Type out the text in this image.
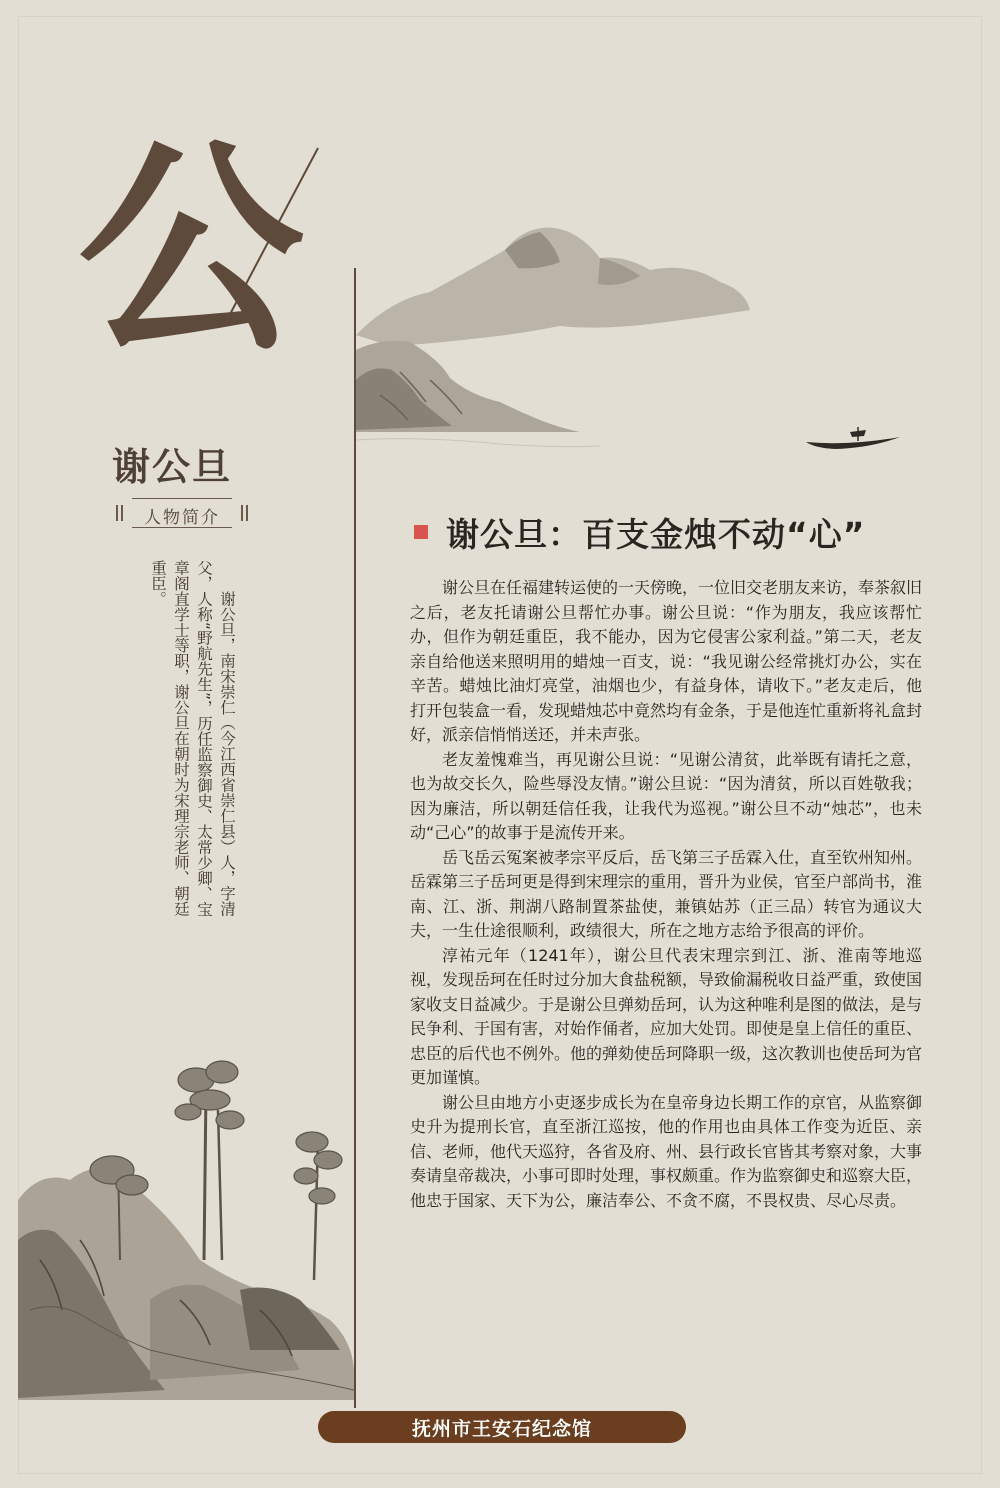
公
谢公旦
人物简介
谢公旦，南宋崇仁（今江西省崇仁县）人，字清父，人称“野航先生”，历任监察御史、太常少卿、宝章阁直学士等职，谢公旦在朝时为宋理宗老师、朝廷重臣。
谢公旦：百支金烛不动“心”

谢公旦在任福建转运使的一天傍晚，一位旧交老朋友来访，奉茶叙旧之后，老友托请谢公旦帮忙办事。谢公旦说：“作为朋友，我应该帮忙办，但作为朝廷重臣，我不能办，因为它侵害公家利益。”第二天，老友亲自给他送来照明用的蜡烛一百支，说：“我见谢公经常挑灯办公，实在辛苦。蜡烛比油灯亮堂，油烟也少，有益身体，请收下。”老友走后，他打开包装盒一看，发现蜡烛芯中竟然均有金条，于是他连忙重新将礼盒封好，派亲信悄悄送还，并未声张。

老友羞愧难当，再见谢公旦说：“见谢公清贫，此举既有请托之意，也为故交长久，险些辱没友情。”谢公旦说：“因为清贫，所以百姓敬我；因为廉洁，所以朝廷信任我，让我代为巡视。”谢公旦不动“烛芯”，也未动“己心”的故事于是流传开来。

岳飞岳云冤案被孝宗平反后，岳飞第三子岳霖入仕，直至钦州知州。岳霖第三子岳珂更是得到宋理宗的重用，晋升为业侯，官至户部尚书，淮南、江、浙、荆湖八路制置茶盐使，兼镇姑苏（正三品）转官为通议大夫，一生仕途很顺利，政绩很大，所在之地方志给予很高的评价。

淳祐元年（1241年），谢公旦代表宋理宗到江、浙、淮南等地巡视，发现岳珂在任时过分加大食盐税额，导致偷漏税收日益严重，致使国家收支日益减少。于是谢公旦弹劾岳珂，认为这种唯利是图的做法，是与民争利、于国有害，对始作俑者，应加大处罚。即使是皇上信任的重臣、忠臣的后代也不例外。他的弹劾使岳珂降职一级，这次教训也使岳珂为官更加谨慎。

谢公旦由地方小吏逐步成长为在皇帝身边长期工作的京官，从监察御史升为提刑长官，直至浙江巡按，他的作用也由具体工作变为近臣、亲信、老师，他代天巡狩，各省及府、州、县行政长官皆其考察对象，大事奏请皇帝裁决，小事可即时处理，事权颇重。作为监察御史和巡察大臣，他忠于国家、天下为公，廉洁奉公、不贪不腐，不畏权贵、尽心尽责。

抚州市王安石纪念馆
